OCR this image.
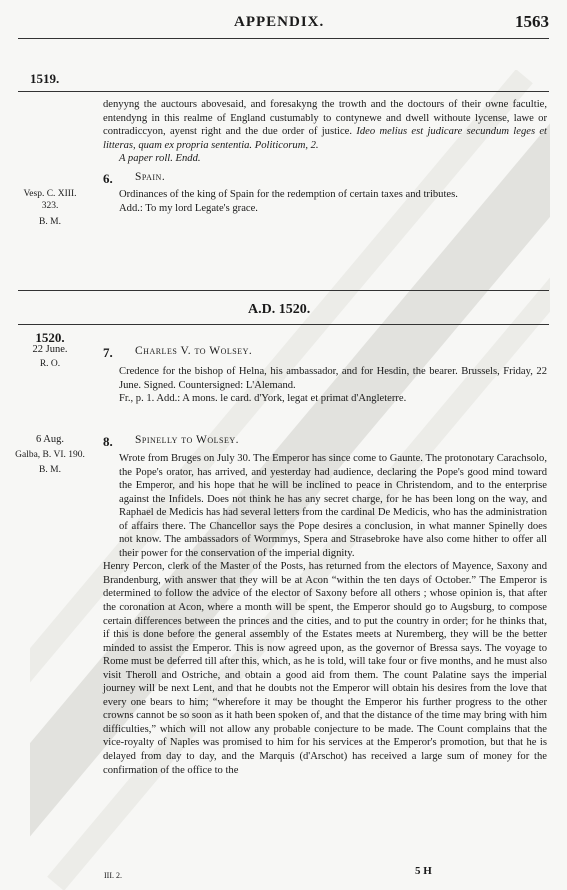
APPENDIX.	1563
1519.

denyyng the auctours abovesaid, and foresakyng the trowth and the doctours of their owne facultie, entendyng in this realme of England custumably to contynewe and dwell withoute lycense, lawe or contradiccyon, ayenst right and the due order of justice. Ideo melius est judicare secundum leges et litteras, quam ex propria sententia. Politicorum, 2.

A paper roll. Endd.

6. Spain.
Vesp. C. XIII. 323.
B. M.

Ordinances of the king of Spain for the redemption of certain taxes and tributes.

Add.: To my lord Legate's grace.

A.D. 1520.
1520.
22 June.
R. O.
7. Charles V. to Wolsey.

Credence for the bishop of Helna, his ambassador, and for Hesdin, the bearer. Brussels, Friday, 22 June. Signed. Countersigned: L'Alemand.

Fr., p. 1. Add.: A mons. le card. d'York, legat et primat d'Angleterre.

6 Aug.
Galba, B. VI. 190.
B. M.
8. Spinelly to Wolsey.

Wrote from Bruges on July 30. The Emperor has since come to Gaunte. The protonotary Carachsolo, the Pope's orator, has arrived, and yesterday had audience, declaring the Pope's good mind toward the Emperor, and his hope that he will be inclined to peace in Christendom, and to the enterprise against the Infidels. Does not think he has any secret charge, for he has been long on the way, and Raphael de Medicis has had several letters from the cardinal De Medicis, who has the administration of affairs there. The Chancellor says the Pope desires a conclusion, in what manner Spinelly does not know. The ambassadors of Wormmys, Spera and Strasebroke have also come hither to offer all their power for the conservation of the imperial dignity.

Henry Percon, clerk of the Master of the Posts, has returned from the electors of Mayence, Saxony and Brandenburg, with answer that they will be at Acon “within the ten days of October.” The Emperor is determined to follow the advice of the elector of Saxony before all others ; whose opinion is, that after the coronation at Acon, where a month will be spent, the Emperor should go to Augsburg, to compose certain differences between the princes and the cities, and to put the country in order; for he thinks that, if this is done before the general assembly of the Estates meets at Nuremberg, they will be the better minded to assist the Emperor. This is now agreed upon, as the governor of Bressa says. The voyage to Rome must be deferred till after this, which, as he is told, will take four or five months, and he must also visit Theroll and Ostriche, and obtain a good aid from them. The count Palatine says the imperial journey will be next Lent, and that he doubts not the Emperor will obtain his desires from the love that every one bears to him; “wherefore it may be thought the Emperor his further progress to the other crowns cannot be so soon as it hath been spoken of, and that the distance of the time may bring with him difficulties,” which will not allow any probable conjecture to be made. The Count complains that the vice-royalty of Naples was promised to him for his services at the Emperor's promotion, but that he is delayed from day to day, and the Marquis (d'Arschot) has received a large sum of money for the confirmation of the office to the

III. 2.	5 H
